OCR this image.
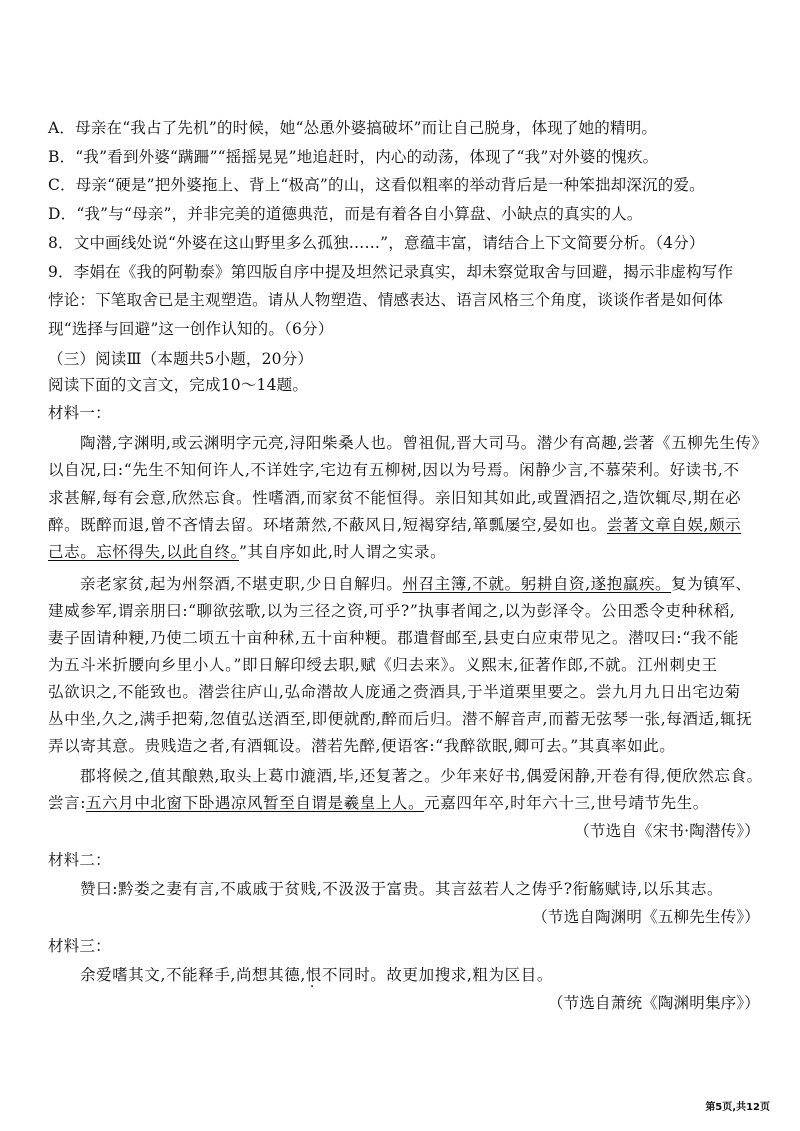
A．母亲在“我占了先机”的时候，她“怂恿外婆搞破坏”而让自己脱身，体现了她的精明。
B．“我”看到外婆“蹒跚”“摇摇晃晃”地追赶时，内心的动荡，体现了“我”对外婆的愧疚。
C．母亲“硬是”把外婆拖上、背上“极高”的山，这看似粗率的举动背后是一种笨拙却深沉的爱。
D．“我”与“母亲”，并非完美的道德典范，而是有着各自小算盘、小缺点的真实的人。
8．文中画线处说“外婆在这山野里多么孤独……”，意蕴丰富，请结合上下文简要分析。（4分）
9．李娟在《我的阿勒泰》第四版自序中提及坦然记录真实，却未察觉取舍与回避，揭示非虚构写作
悖论：下笔取舍已是主观塑造。请从人物塑造、情感表达、语言风格三个角度，谈谈作者是如何体
现“选择与回避”这一创作认知的。（6分）
（三）阅读Ⅲ（本题共5小题，20分）
阅读下面的文言文，完成10～14题。
材料一：
陶潜,字渊明,或云渊明字元亮,浔阳柴桑人也。曾祖侃,晋大司马。潜少有高趣,尝著《五柳先生传》
以自况,曰:“先生不知何许人,不详姓字,宅边有五柳树,因以为号焉。闲静少言,不慕荣利。好读书,不
求甚解,每有会意,欣然忘食。性嗜酒,而家贫不能恒得。亲旧知其如此,或置酒招之,造饮辄尽,期在必
醉。既醉而退,曾不吝情去留。环堵萧然,不蔽风日,短褐穿结,箪瓢屡空,晏如也。尝著文章自娱,颇示
己志。忘怀得失,以此自终。”其自序如此,时人谓之实录。
亲老家贫,起为州祭酒,不堪吏职,少日自解归。州召主簿,不就。躬耕自资,遂抱羸疾。复为镇军、
建威参军,谓亲朋曰:“聊欲弦歌,以为三径之资,可乎?”执事者闻之,以为彭泽令。公田悉令吏种秫稻,
妻子固请种粳,乃使二顷五十亩种秫,五十亩种粳。郡遣督邮至,县吏白应束带见之。潜叹曰:“我不能
为五斗米折腰向乡里小人。”即日解印绶去职,赋《归去来》。义熙末,征著作郎,不就。江州刺史王
弘欲识之,不能致也。潜尝往庐山,弘命潜故人庞通之赍酒具,于半道栗里要之。尝九月九日出宅边菊
丛中坐,久之,满手把菊,忽值弘送酒至,即便就酌,醉而后归。潜不解音声,而蓄无弦琴一张,每酒适,辄抚
弄以寄其意。贵贱造之者,有酒辄设。潜若先醉,便语客:“我醉欲眠,卿可去。”其真率如此。
郡将候之,值其酿熟,取头上葛巾漉酒,毕,还复著之。少年来好书,偶爱闲静,开卷有得,便欣然忘食。
尝言:五六月中北窗下卧遇凉风暂至自谓是羲皇上人。元嘉四年卒,时年六十三,世号靖节先生。
（节选自《宋书·陶潜传》）
材料二：
赞曰:黔娄之妻有言,不戚戚于贫贱,不汲汲于富贵。其言兹若人之俦乎?衔觞赋诗,以乐其志。
（节选自陶渊明《五柳先生传》）
材料三：
余爱嗜其文,不能释手,尚想其德,恨不同时。故更加搜求,粗为区目。
（节选自萧统《陶渊明集序》）
第5页,共12页
